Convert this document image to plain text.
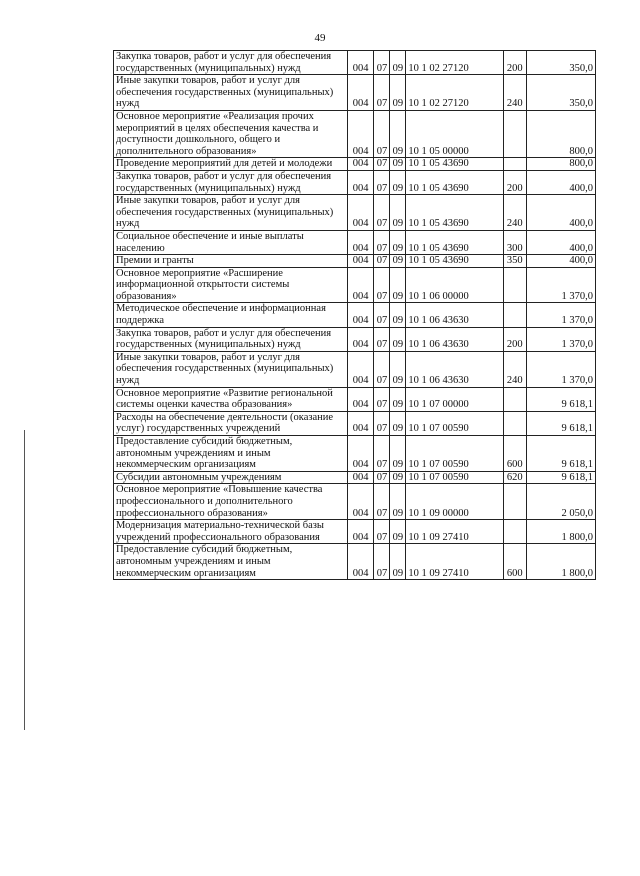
49
Закупка товаров, работ и услуг для обеспечения государственных (муниципальных) нужд	004	07	09	10 1 02 27120	200	350,0
Иные закупки товаров, работ и услуг для обеспечения государственных (муниципальных) нужд	004	07	09	10 1 02 27120	240	350,0
Основное мероприятие «Реализация прочих мероприятий в целях обеспечения качества и доступности дошкольного, общего и дополнительного образования»	004	07	09	10 1 05 00000		800,0
Проведение мероприятий для детей и молодежи	004	07	09	10 1 05 43690		800,0
Закупка товаров, работ и услуг для обеспечения государственных (муниципальных) нужд	004	07	09	10 1 05 43690	200	400,0
Иные закупки товаров, работ и услуг для обеспечения государственных (муниципальных) нужд	004	07	09	10 1 05 43690	240	400,0
Социальное обеспечение и иные выплаты населению	004	07	09	10 1 05 43690	300	400,0
Премии и гранты	004	07	09	10 1 05 43690	350	400,0
Основное мероприятие «Расширение информационной открытости системы образования»	004	07	09	10 1 06 00000		1 370,0
Методическое обеспечение и информационная поддержка	004	07	09	10 1 06 43630		1 370,0
Закупка товаров, работ и услуг для обеспечения государственных (муниципальных) нужд	004	07	09	10 1 06 43630	200	1 370,0
Иные закупки товаров, работ и услуг для обеспечения государственных (муниципальных) нужд	004	07	09	10 1 06 43630	240	1 370,0
Основное мероприятие «Развитие региональной системы оценки качества образования»	004	07	09	10 1 07 00000		9 618,1
Расходы на обеспечение деятельности (оказание услуг) государственных учреждений	004	07	09	10 1 07 00590		9 618,1
Предоставление субсидий бюджетным, автономным учреждениям и иным некоммерческим организациям	004	07	09	10 1 07 00590	600	9 618,1
Субсидии автономным учреждениям	004	07	09	10 1 07 00590	620	9 618,1
Основное мероприятие «Повышение качества профессионального и дополнительного профессионального образования»	004	07	09	10 1 09 00000		2 050,0
Модернизация материально-технической базы учреждений профессионального образования	004	07	09	10 1 09 27410		1 800,0
Предоставление субсидий бюджетным, автономным учреждениям и иным некоммерческим организациям	004	07	09	10 1 09 27410	600	1 800,0
